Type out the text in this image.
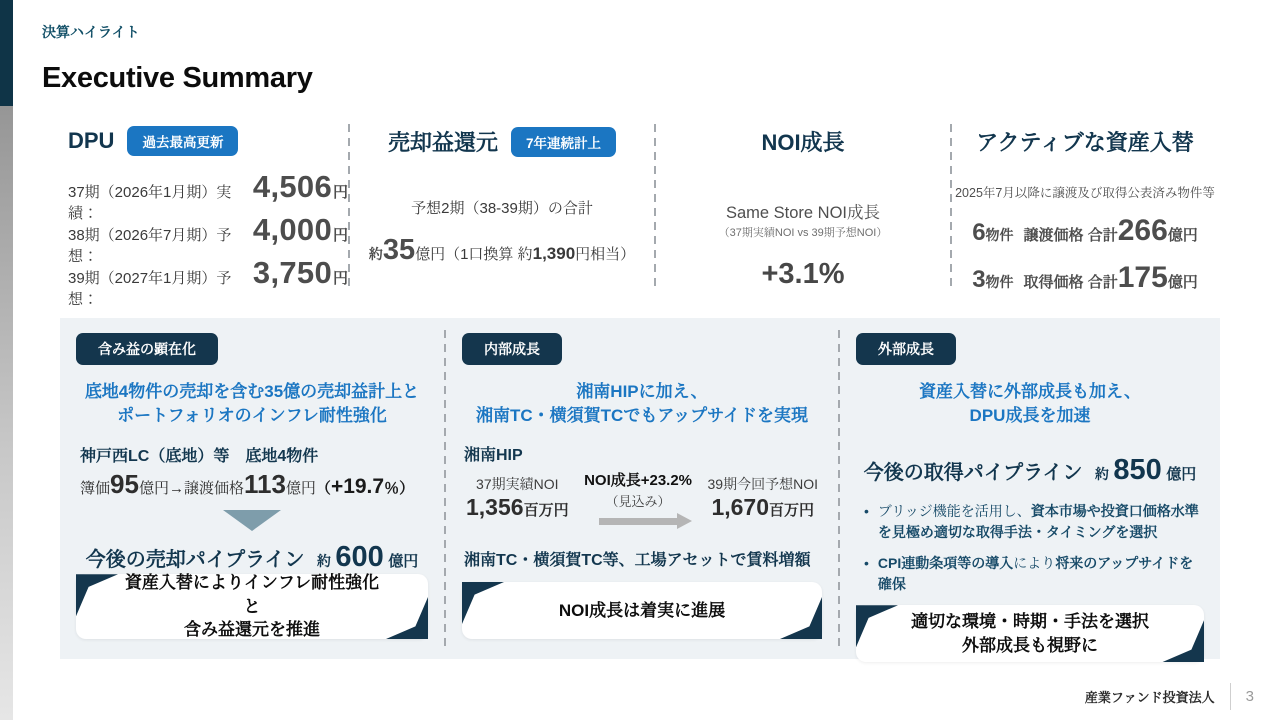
決算ハイライト
Executive Summary
DPU	過去最高更新
37期（2026年1月期）実績：
4,506 円
38期（2026年7月期）予想：
4,000 円
39期（2027年1月期）予想：
3,750 円
売却益還元	7年連続計上
予想2期（38-39期）の合計
約 35 億円 （1口換算 約 1,390 円相当）
NOI成長
Same Store NOI成長
（37期実績NOI vs 39期予想NOI）
+3.1%
アクティブな資産入替
2025年7月以降に譲渡及び取得公表済み物件等
6 物件 譲渡価格 合計 266 億円
3 物件 取得価格 合計 175 億円
含み益の顕在化
底地4物件の売却を含む35億の売却益計上と
ポートフォリオのインフレ耐性強化
神戸西LC（底地）等　底地4物件
簿価 95 億円→譲渡価格 113 億円 （ +19.7 ％）
今後の売却パイプライン 約 600 億円
資産入替によりインフレ耐性強化と
含み益還元を推進
内部成長
湘南HIPに加え、
湘南TC・横須賀TCでもアップサイドを実現
湘南HIP
37期実績NOI
1,356百万円
NOI成長+23.2%
（見込み）
39期今回予想NOI
1,670百万円
湘南TC・横須賀TC等、工場アセットで賃料増額
NOI成長は着実に進展
外部成長
資産入替に外部成長も加え、
DPU成長を加速
今後の取得パイプライン 約 850 億円
• ブリッジ機能を活用し、資本市場や投資口価格水準を見極め適切な取得手法・タイミングを選択
• CPI連動条項等の導入により将来のアップサイドを確保
適切な環境・時期・手法を選択
外部成長も視野に
産業ファンド投資法人 3
